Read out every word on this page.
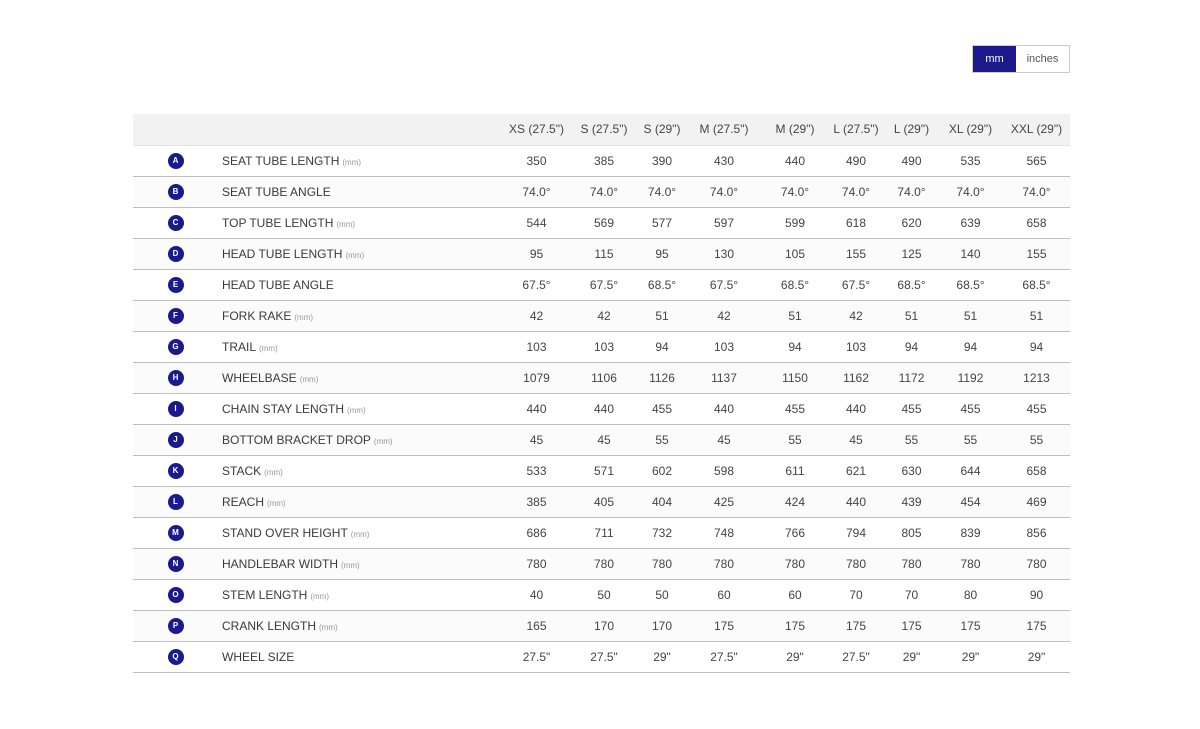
mm	inches
		XS (27.5")	S (27.5")	S (29")	M (27.5")	M (29")	L (27.5")	L (29")	XL (29")	XXL (29")
A	SEAT TUBE LENGTH (mm)	350	385	390	430	440	490	490	535	565
B	SEAT TUBE ANGLE	74.0°	74.0°	74.0°	74.0°	74.0°	74.0°	74.0°	74.0°	74.0°
C	TOP TUBE LENGTH (mm)	544	569	577	597	599	618	620	639	658
D	HEAD TUBE LENGTH (mm)	95	115	95	130	105	155	125	140	155
E	HEAD TUBE ANGLE	67.5°	67.5°	68.5°	67.5°	68.5°	67.5°	68.5°	68.5°	68.5°
F	FORK RAKE (mm)	42	42	51	42	51	42	51	51	51
G	TRAIL (mm)	103	103	94	103	94	103	94	94	94
H	WHEELBASE (mm)	1079	1106	1126	1137	1150	1162	1172	1192	1213
I	CHAIN STAY LENGTH (mm)	440	440	455	440	455	440	455	455	455
J	BOTTOM BRACKET DROP (mm)	45	45	55	45	55	45	55	55	55
K	STACK (mm)	533	571	602	598	611	621	630	644	658
L	REACH (mm)	385	405	404	425	424	440	439	454	469
M	STAND OVER HEIGHT (mm)	686	711	732	748	766	794	805	839	856
N	HANDLEBAR WIDTH (mm)	780	780	780	780	780	780	780	780	780
O	STEM LENGTH (mm)	40	50	50	60	60	70	70	80	90
P	CRANK LENGTH (mm)	165	170	170	175	175	175	175	175	175
Q	WHEEL SIZE	27.5"	27.5"	29"	27.5"	29"	27.5"	29"	29"	29"
